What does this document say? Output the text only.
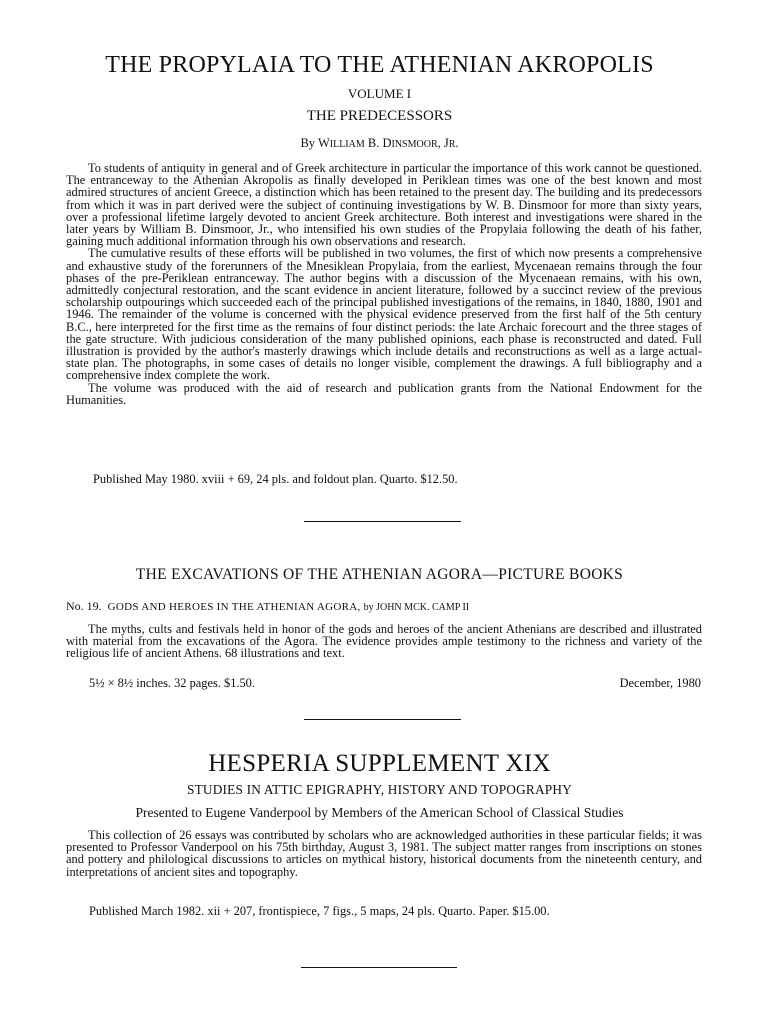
THE PROPYLAIA TO THE ATHENIAN AKROPOLIS
VOLUME I
THE PREDECESSORS
By WILLIAM B. DINSMOOR, JR.

To students of antiquity in general and of Greek architecture in particular the importance of this work cannot be questioned. The entranceway to the Athenian Akropolis as finally developed in Periklean times was one of the best known and most admired structures of ancient Greece, a distinction which has been retained to the present day. The building and its predecessors from which it was in part derived were the subject of continuing investigations by W. B. Dinsmoor for more than sixty years, over a professional lifetime largely devoted to ancient Greek architecture. Both interest and investigations were shared in the later years by William B. Dinsmoor, Jr., who intensified his own studies of the Propylaia following the death of his father, gaining much additional information through his own observations and research.

The cumulative results of these efforts will be published in two volumes, the first of which now presents a comprehensive and exhaustive study of the forerunners of the Mnesiklean Propylaia, from the earliest, Mycenaean remains through the four phases of the pre-Periklean entranceway. The author begins with a discussion of the Mycenaean remains, with his own, admittedly conjectural restoration, and the scant evidence in ancient literature, followed by a succinct review of the previous scholarship outpourings which succeeded each of the principal published investigations of the remains, in 1840, 1880, 1901 and 1946. The remainder of the volume is concerned with the physical evidence preserved from the first half of the 5th century B.C., here interpreted for the first time as the remains of four distinct periods: the late Archaic forecourt and the three stages of the gate structure. With judicious consideration of the many published opinions, each phase is reconstructed and dated. Full illustration is provided by the author's masterly drawings which include details and reconstructions as well as a large actual-state plan. The photographs, in some cases of details no longer visible, complement the drawings. A full bibliography and a comprehensive index complete the work.

The volume was produced with the aid of research and publication grants from the National Endowment for the Humanities.

Published May 1980. xviii + 69, 24 pls. and foldout plan. Quarto. $12.50.
THE EXCAVATIONS OF THE ATHENIAN AGORA—PICTURE BOOKS
No. 19. GODS AND HEROES IN THE ATHENIAN AGORA, by JOHN MCK. CAMP II

The myths, cults and festivals held in honor of the gods and heroes of the ancient Athenians are described and illustrated with material from the excavations of the Agora. The evidence provides ample testimony to the richness and variety of the religious life of ancient Athens. 68 illustrations and text.

5½ × 8½ inches. 32 pages. $1.50.	December, 1980
HESPERIA SUPPLEMENT XIX
STUDIES IN ATTIC EPIGRAPHY, HISTORY AND TOPOGRAPHY
Presented to Eugene Vanderpool by Members of the American School of Classical Studies

This collection of 26 essays was contributed by scholars who are acknowledged authorities in these particular fields; it was presented to Professor Vanderpool on his 75th birthday, August 3, 1981. The subject matter ranges from inscriptions on stones and pottery and philological discussions to articles on mythical history, historical documents from the nineteenth century, and interpretations of ancient sites and topography.

Published March 1982. xii + 207, frontispiece, 7 figs., 5 maps, 24 pls. Quarto. Paper. $15.00.
